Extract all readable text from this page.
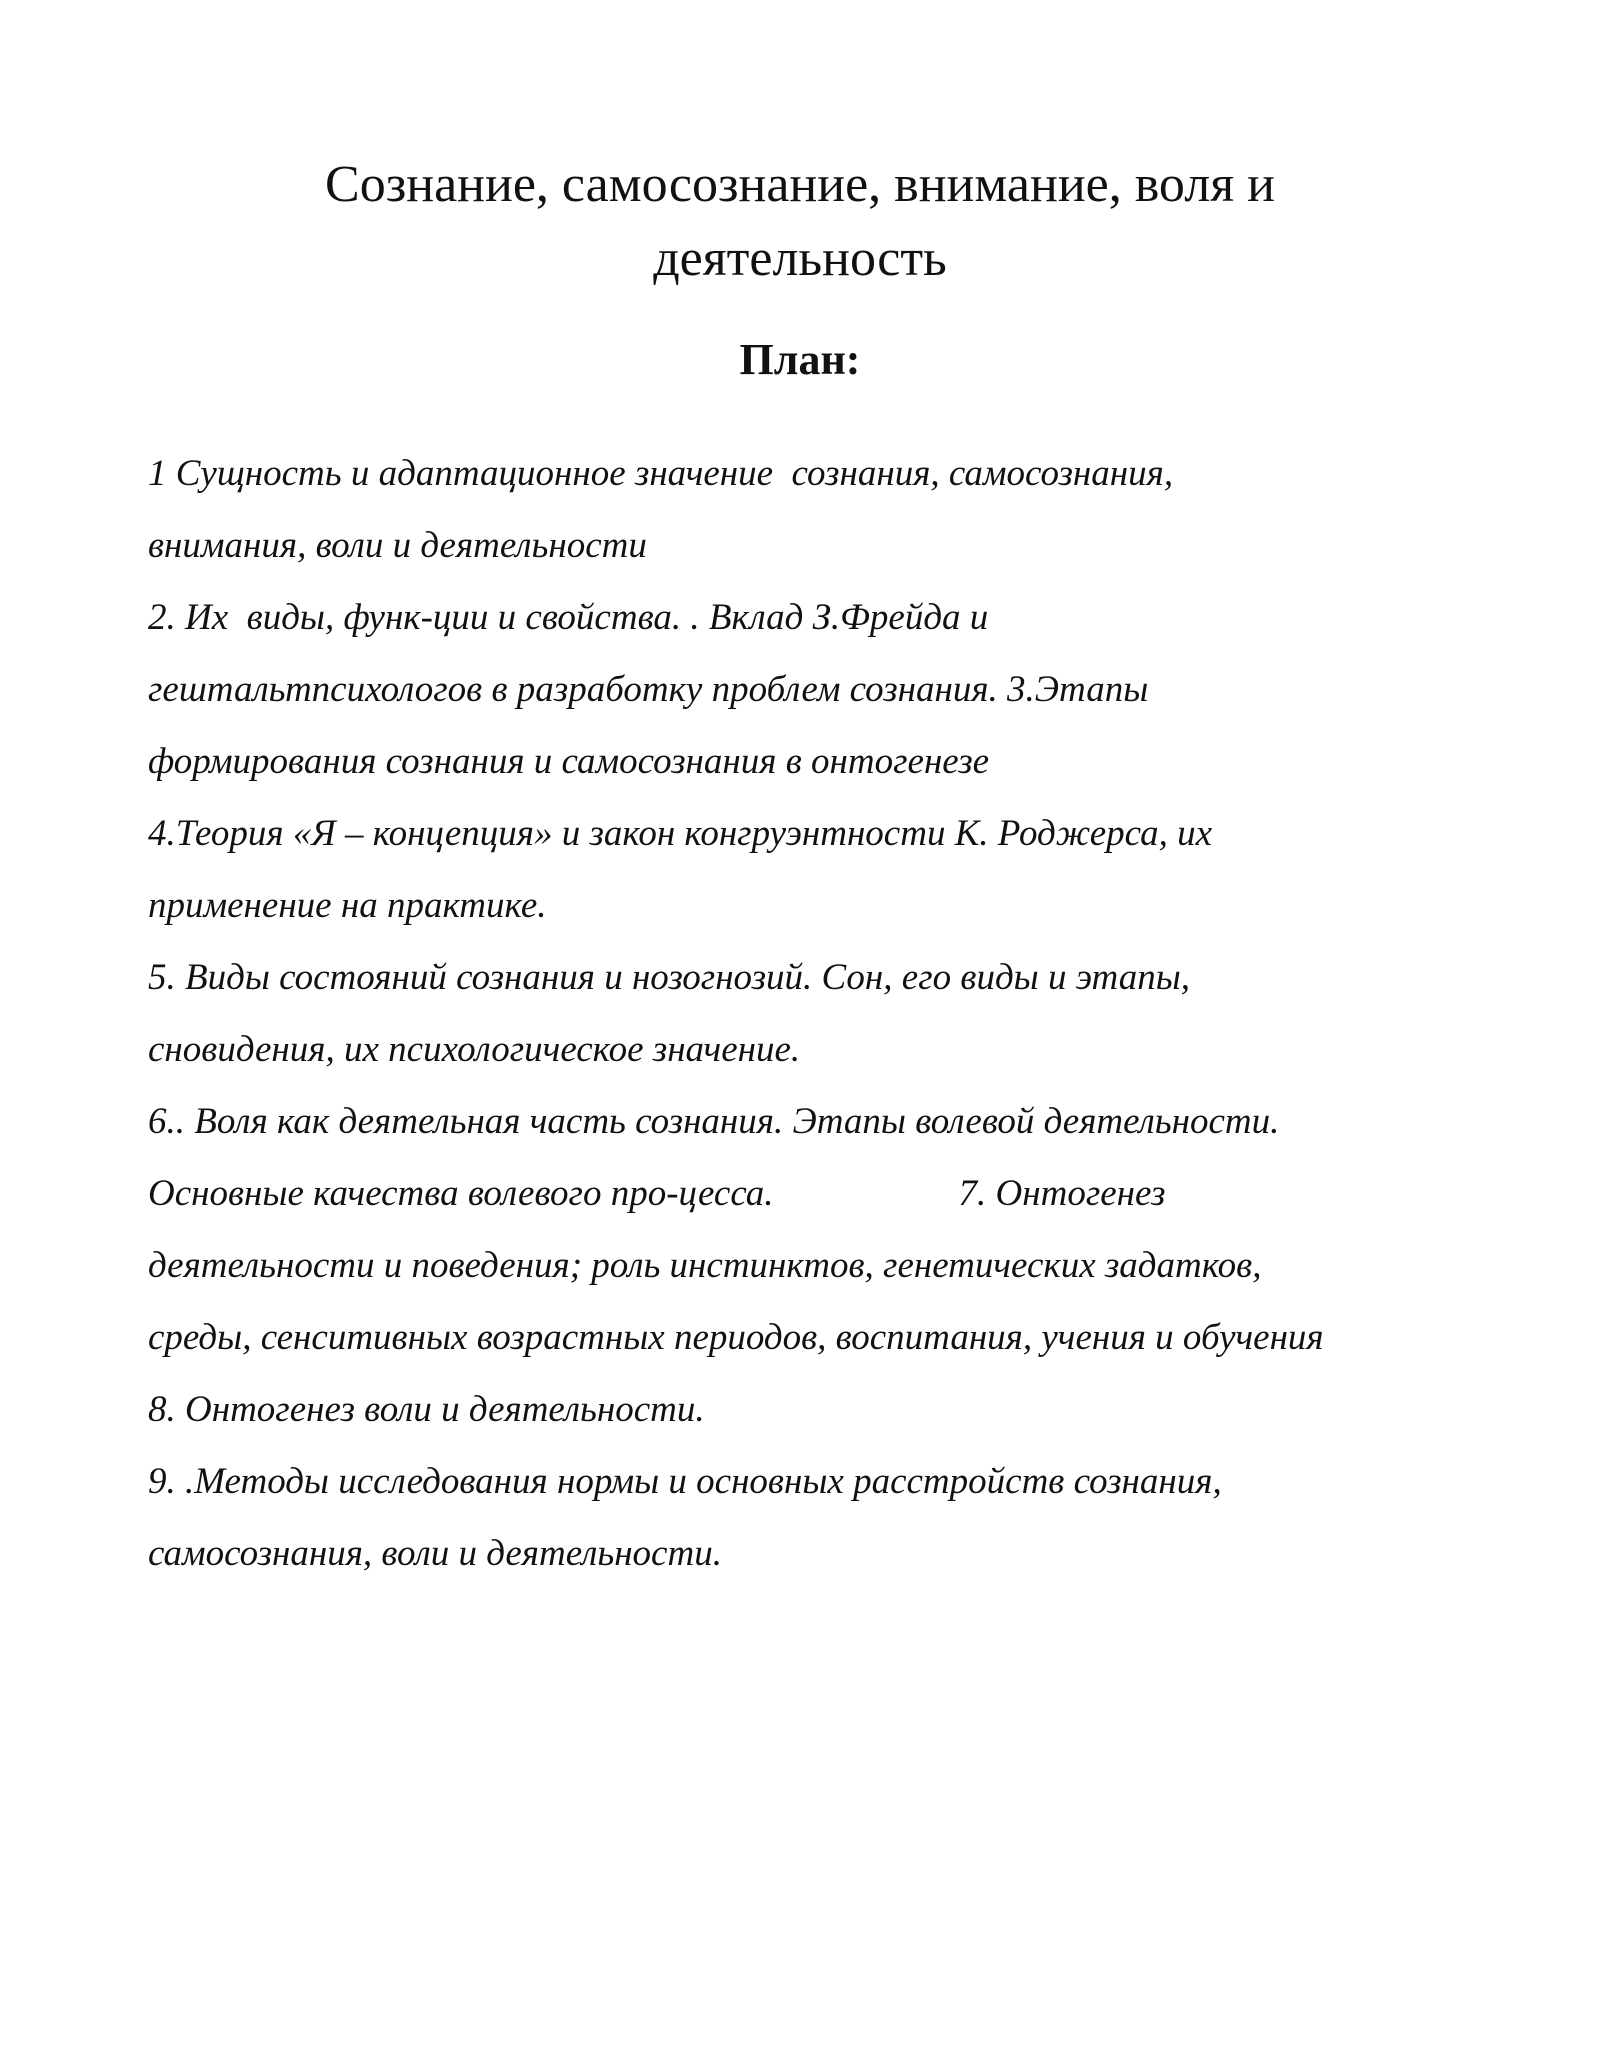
Сознание, самосознание, внимание, воля и
деятельность
План:
1 Сущность и адаптационное значение  сознания, самосознания,
внимания, воли и деятельности
2. Их  виды, функ-ции и свойства. . Вклад З.Фрейда и
гештальтпсихологов в разработку проблем сознания. 3.Этапы
формирования сознания и самосознания в онтогенезе
4.Теория «Я – концепция» и закон конгруэнтности К. Роджерса, их
применение на практике.
5. Виды состояний сознания и нозогнозий. Сон, его виды и этапы,
сновидения, их психологическое значение.
6.. Воля как деятельная часть сознания. Этапы волевой деятельности.
Основные качества волевого про-цесса.                    7. Онтогенез
деятельности и поведения; роль инстинктов, генетических задатков,
среды, сенситивных возрастных периодов, воспитания, учения и обучения
8. Онтогенез воли и деятельности.
9. .Методы исследования нормы и основных расстройств сознания,
самосознания, воли и деятельности.
